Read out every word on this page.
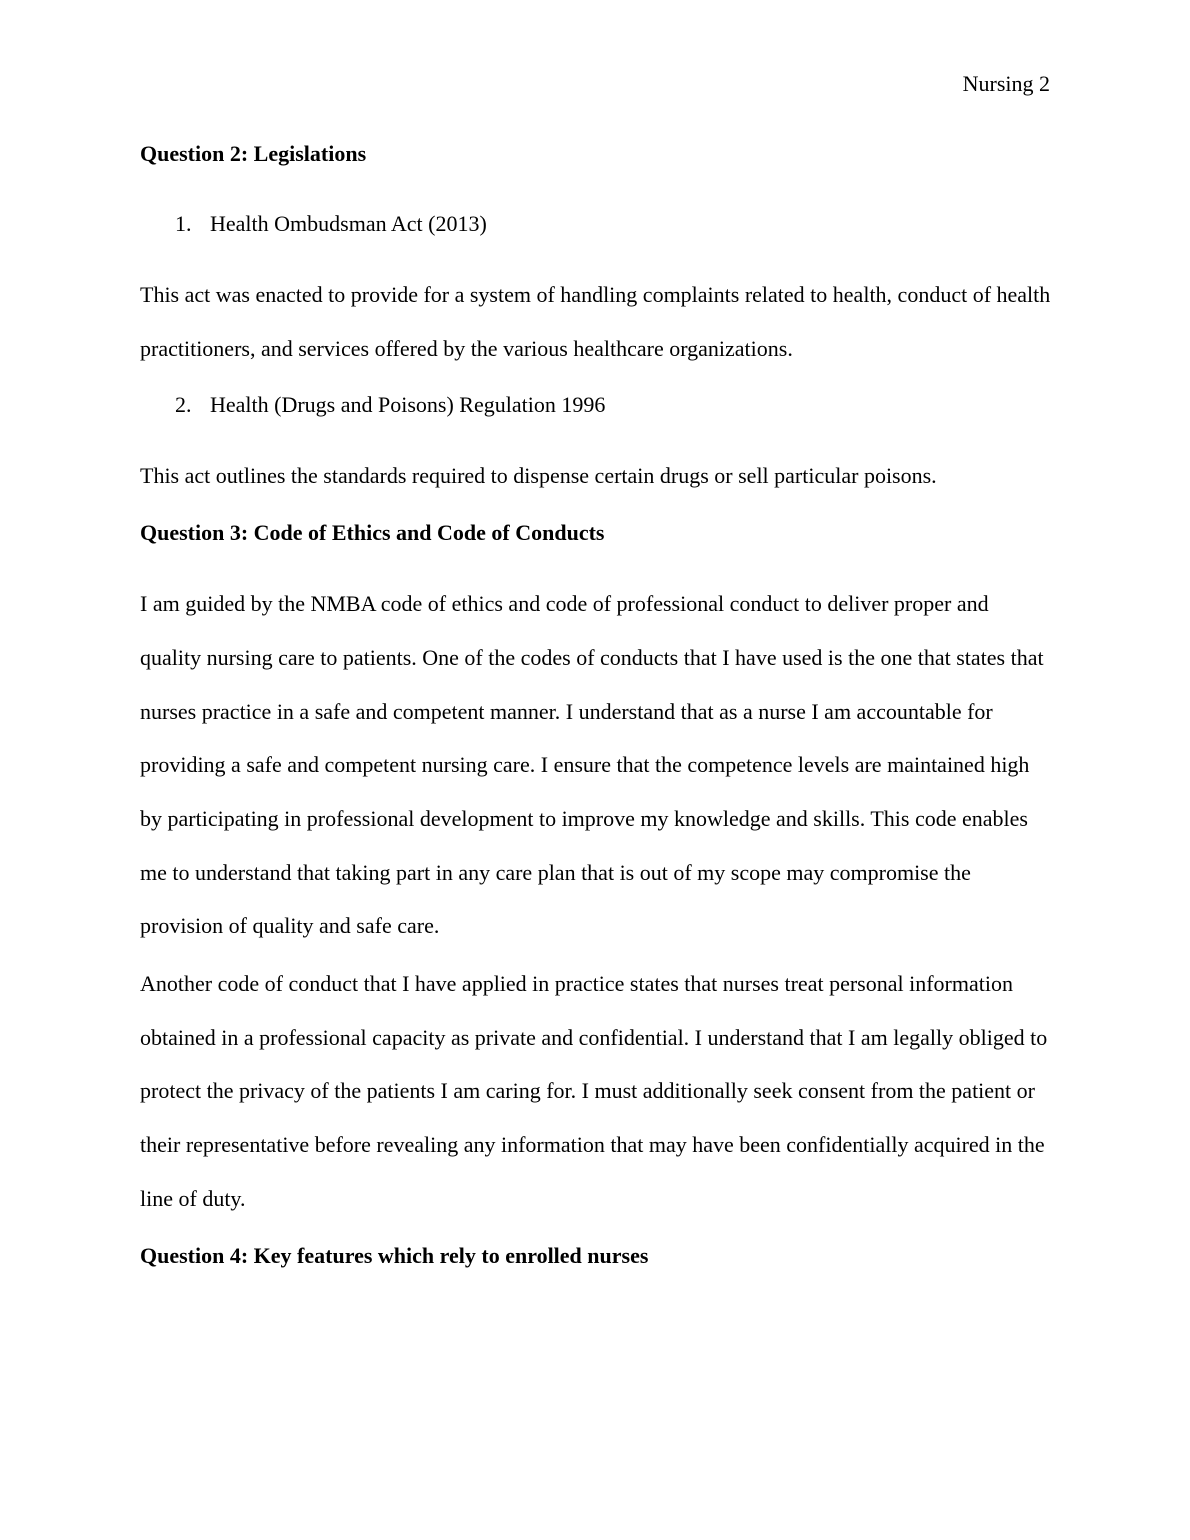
Nursing 2

Question 2: Legislations

1. Health Ombudsman Act (2013)

This act was enacted to provide for a system of handling complaints related to health, conduct of health practitioners, and services offered by the various healthcare organizations.

2. Health (Drugs and Poisons) Regulation 1996

This act outlines the standards required to dispense certain drugs or sell particular poisons.

Question 3: Code of Ethics and Code of Conducts

I am guided by the NMBA code of ethics and code of professional conduct to deliver proper and quality nursing care to patients. One of the codes of conducts that I have used is the one that states that nurses practice in a safe and competent manner. I understand that as a nurse I am accountable for providing a safe and competent nursing care. I ensure that the competence levels are maintained high by participating in professional development to improve my knowledge and skills. This code enables me to understand that taking part in any care plan that is out of my scope may compromise the provision of quality and safe care.

Another code of conduct that I have applied in practice states that nurses treat personal information obtained in a professional capacity as private and confidential. I understand that I am legally obliged to protect the privacy of the patients I am caring for. I must additionally seek consent from the patient or their representative before revealing any information that may have been confidentially acquired in the line of duty.

Question 4: Key features which rely to enrolled nurses
